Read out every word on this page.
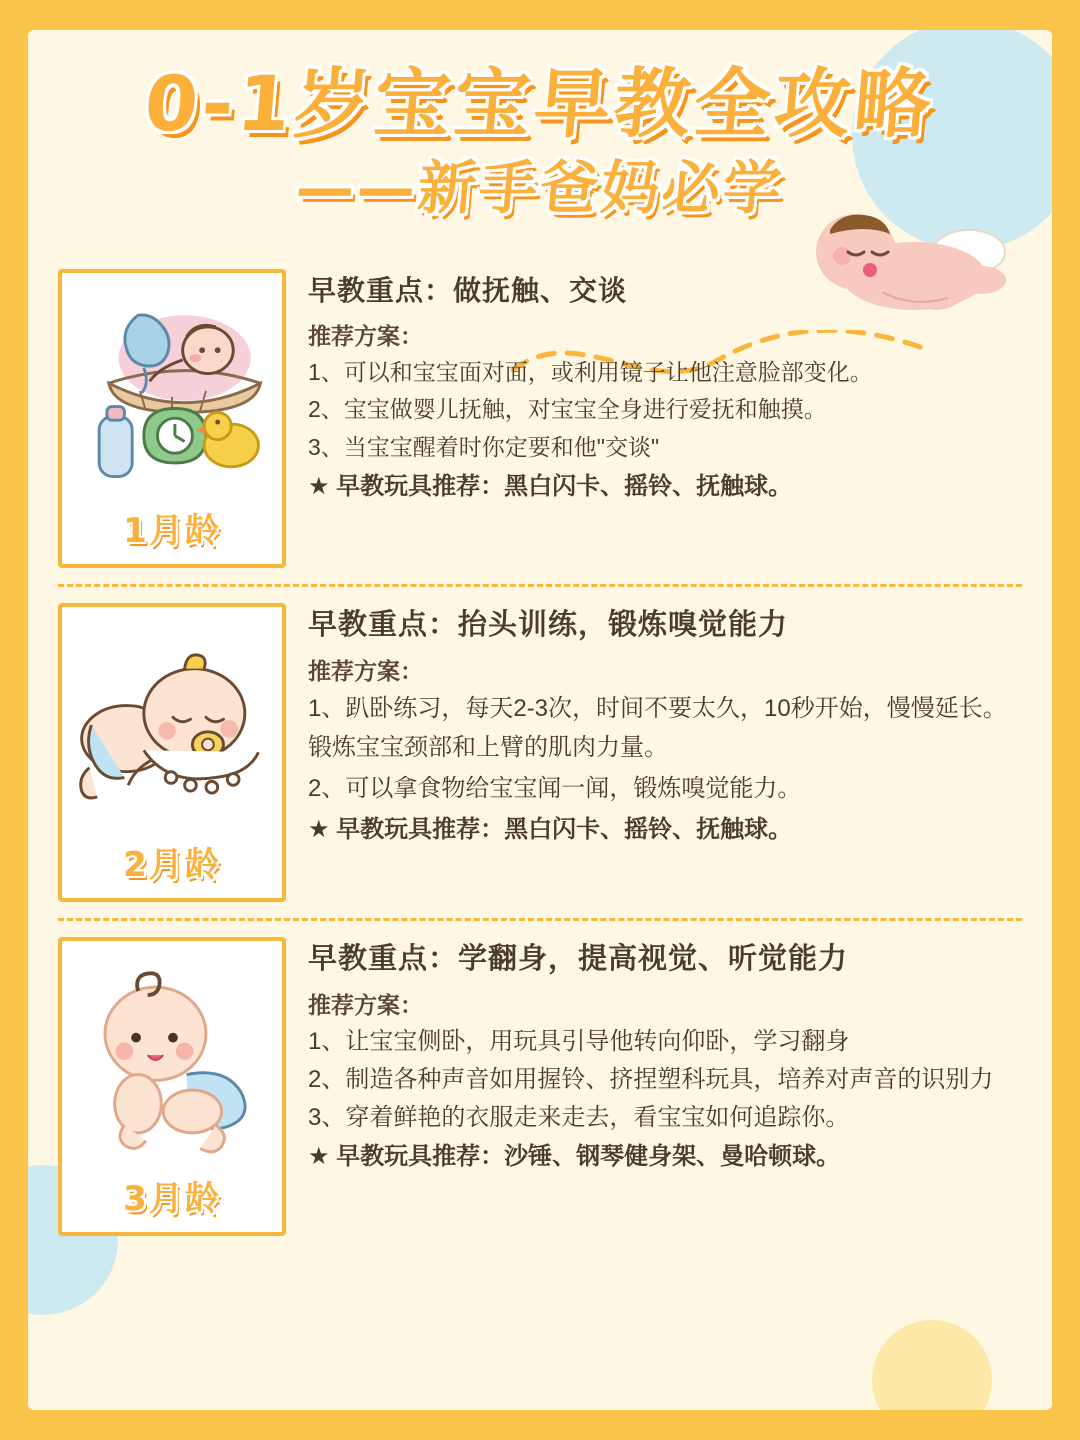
0-1岁宝宝早教全攻略 ——新手爸妈必学
1月龄
早教重点：做抚触、交谈
推荐方案：
1、可以和宝宝面对面，或利用镜子让他注意脸部变化。
2、宝宝做婴儿抚触，对宝宝全身进行爱抚和触摸。
3、当宝宝醒着时你定要和他"交谈"
★ 早教玩具推荐：黑白闪卡、摇铃、抚触球。
2月龄
早教重点：抬头训练，锻炼嗅觉能力
推荐方案：
1、趴卧练习，每天2-3次，时间不要太久，10秒开始，慢慢延长。锻炼宝宝颈部和上臂的肌肉力量。
2、可以拿食物给宝宝闻一闻，锻炼嗅觉能力。
★ 早教玩具推荐：黑白闪卡、摇铃、抚触球。
3月龄
早教重点：学翻身，提高视觉、听觉能力
推荐方案：
1、让宝宝侧卧，用玩具引导他转向仰卧，学习翻身
2、制造各种声音如用握铃、挤捏塑科玩具，培养对声音的识别力
3、穿着鲜艳的衣服走来走去，看宝宝如何追踪你。
★ 早教玩具推荐：沙锤、钢琴健身架、曼哈顿球。
